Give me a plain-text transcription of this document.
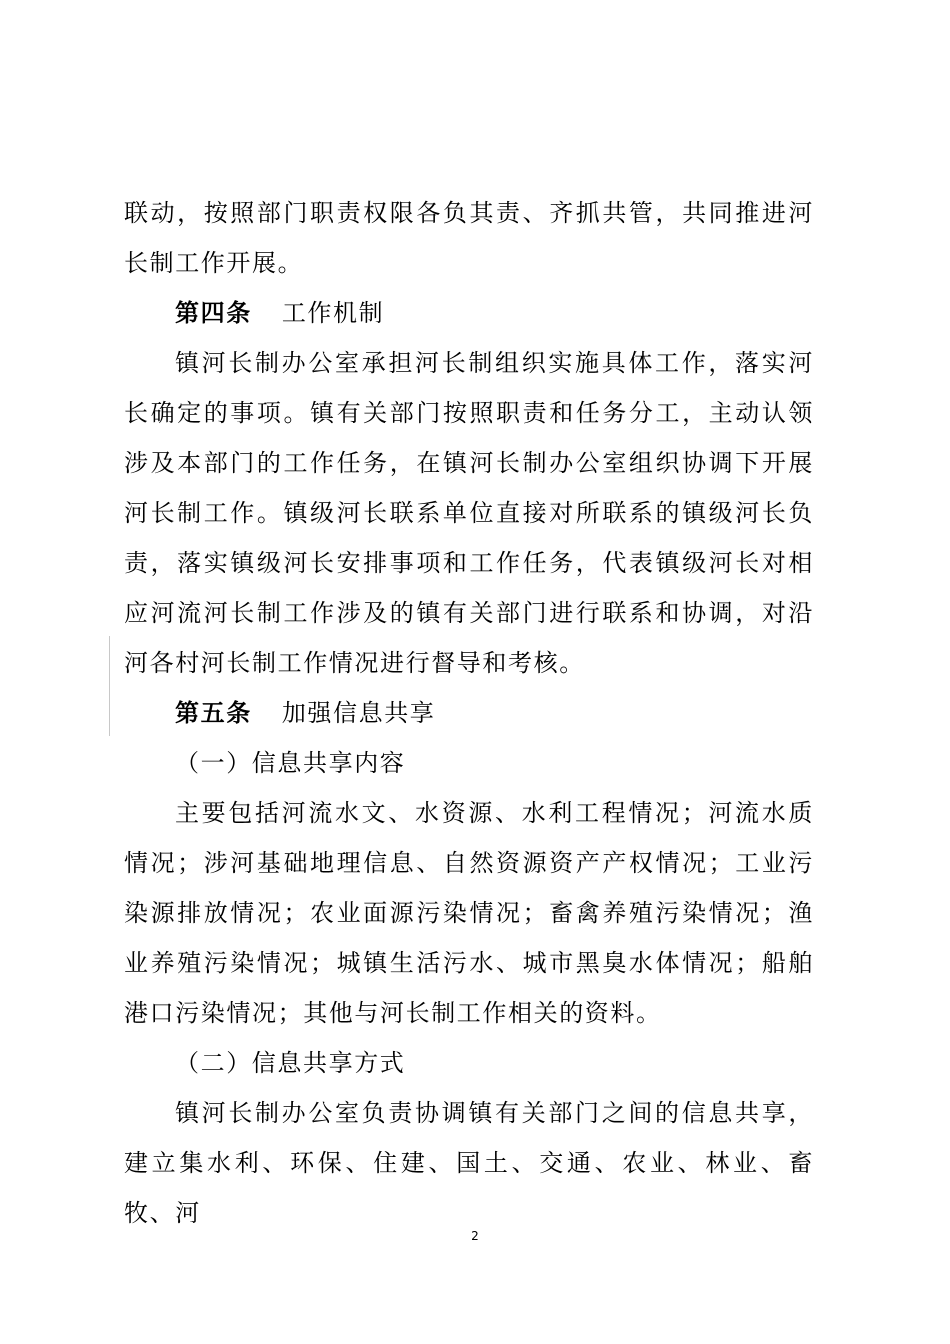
联动，按照部门职责权限各负其责、齐抓共管，共同推进河长制工作开展。

第四条 工作机制

镇河长制办公室承担河长制组织实施具体工作，落实河长确定的事项。镇有关部门按照职责和任务分工，主动认领涉及本部门的工作任务，在镇河长制办公室组织协调下开展河长制工作。镇级河长联系单位直接对所联系的镇级河长负责，落实镇级河长安排事项和工作任务，代表镇级河长对相应河流河长制工作涉及的镇有关部门进行联系和协调，对沿河各村河长制工作情况进行督导和考核。

第五条 加强信息共享

（一）信息共享内容

主要包括河流水文、水资源、水利工程情况；河流水质情况；涉河基础地理信息、自然资源资产产权情况；工业污染源排放情况；农业面源污染情况；畜禽养殖污染情况；渔业养殖污染情况；城镇生活污水、城市黑臭水体情况；船舶港口污染情况；其他与河长制工作相关的资料。

（二）信息共享方式

镇河长制办公室负责协调镇有关部门之间的信息共享，建立集水利、环保、住建、国土、交通、农业、林业、畜牧、河

2
